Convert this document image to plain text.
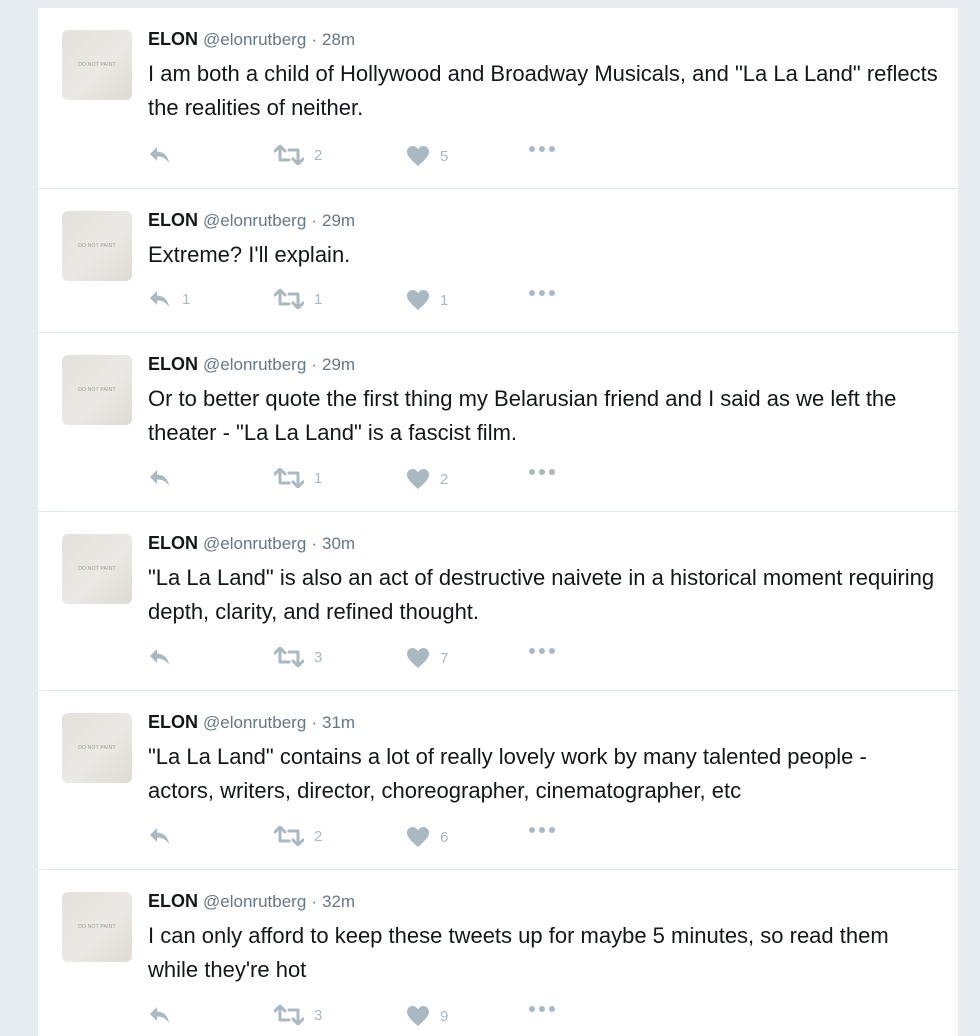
DO NOT PAINT
ELON @elonrutberg · 28m
I am both a child of Hollywood and Broadway Musicals, and "La La Land" reflects the realities of neither.
2	5
DO NOT PAINT
ELON @elonrutberg · 29m
Extreme? I'll explain.
1	1	1
DO NOT PAINT
ELON @elonrutberg · 29m
Or to better quote the first thing my Belarusian friend and I said as we left the theater - "La La Land" is a fascist film.
1	2
DO NOT PAINT
ELON @elonrutberg · 30m
"La La Land" is also an act of destructive naivete in a historical moment requiring depth, clarity, and refined thought.
3	7
DO NOT PAINT
ELON @elonrutberg · 31m
"La La Land" contains a lot of really lovely work by many talented people - actors, writers, director, choreographer, cinematographer, etc
2	6
DO NOT PAINT
ELON @elonrutberg · 32m
I can only afford to keep these tweets up for maybe 5 minutes, so read them while they're hot
3	9
